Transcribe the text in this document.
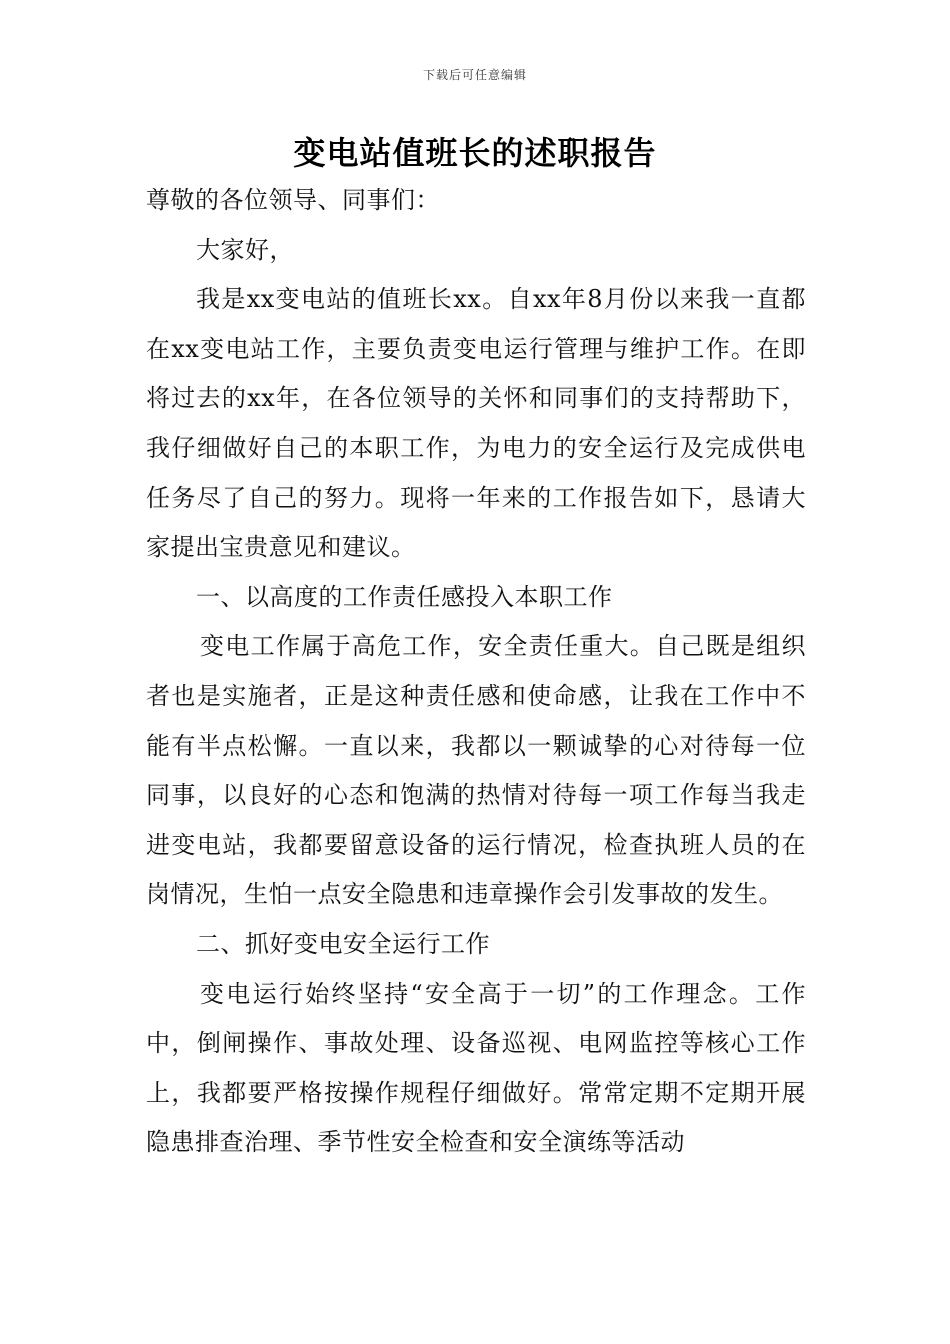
下载后可任意编辑
变电站值班长的述职报告

尊敬的各位领导、同事们：

大家好，

我是xx变电站的值班长xx。自xx年8月份以来我一直都在xx变电站工作，主要负责变电运行管理与维护工作。在即将过去的xx年，在各位领导的关怀和同事们的支持帮助下，我仔细做好自己的本职工作，为电力的安全运行及完成供电任务尽了自己的努力。现将一年来的工作报告如下，恳请大家提出宝贵意见和建议。

一、以高度的工作责任感投入本职工作

变电工作属于高危工作，安全责任重大。自己既是组织者也是实施者，正是这种责任感和使命感，让我在工作中不能有半点松懈。一直以来，我都以一颗诚挚的心对待每一位同事，以良好的心态和饱满的热情对待每一项工作每当我走进变电站，我都要留意设备的运行情况，检查执班人员的在岗情况，生怕一点安全隐患和违章操作会引发事故的发生。

二、抓好变电安全运行工作

变电运行始终坚持“安全高于一切”的工作理念。工作中，倒闸操作、事故处理、设备巡视、电网监控等核心工作上，我都要严格按操作规程仔细做好。常常定期不定期开展隐患排查治理、季节性安全检查和安全演练等活动
